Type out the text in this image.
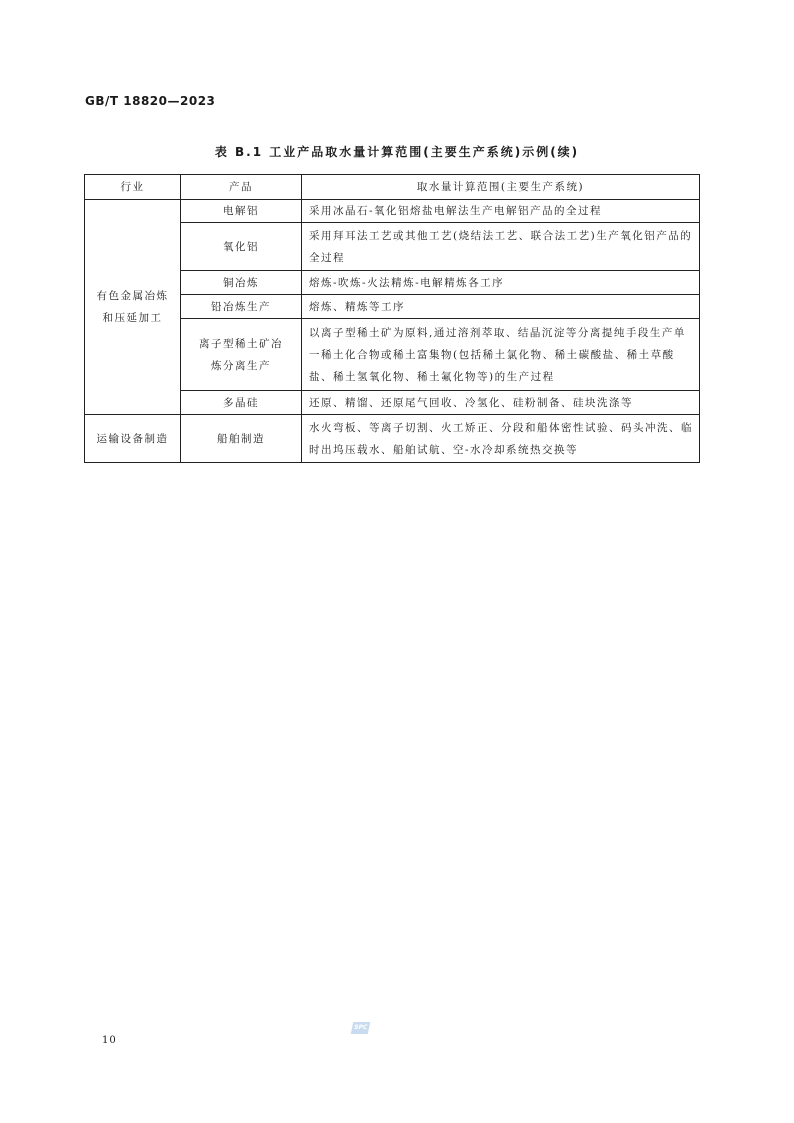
GB/T 18820—2023
表 B.1 工业产品取水量计算范围(主要生产系统)示例(续)
行业	产品	取水量计算范围(主要生产系统)
有色金属冶炼和压延加工	电解铝	采用冰晶石-氧化铝熔盐电解法生产电解铝产品的全过程
	氧化铝	采用拜耳法工艺或其他工艺(烧结法工艺、联合法工艺)生产氧化铝产品的全过程
	铜冶炼	熔炼-吹炼-火法精炼-电解精炼各工序
	铅冶炼生产	熔炼、精炼等工序
	离子型稀土矿冶炼分离生产	以离子型稀土矿为原料,通过溶剂萃取、结晶沉淀等分离提纯手段生产单一稀土化合物或稀土富集物(包括稀土氯化物、稀土碳酸盐、稀土草酸盐、稀土氢氧化物、稀土氟化物等)的生产过程
	多晶硅	还原、精馏、还原尾气回收、冷氢化、硅粉制备、硅块洗涤等
运输设备制造	船舶制造	水火弯板、等离子切割、火工矫正、分段和船体密性试验、码头冲洗、临时出坞压载水、船舶试航、空-水冷却系统热交换等
SPC
10
